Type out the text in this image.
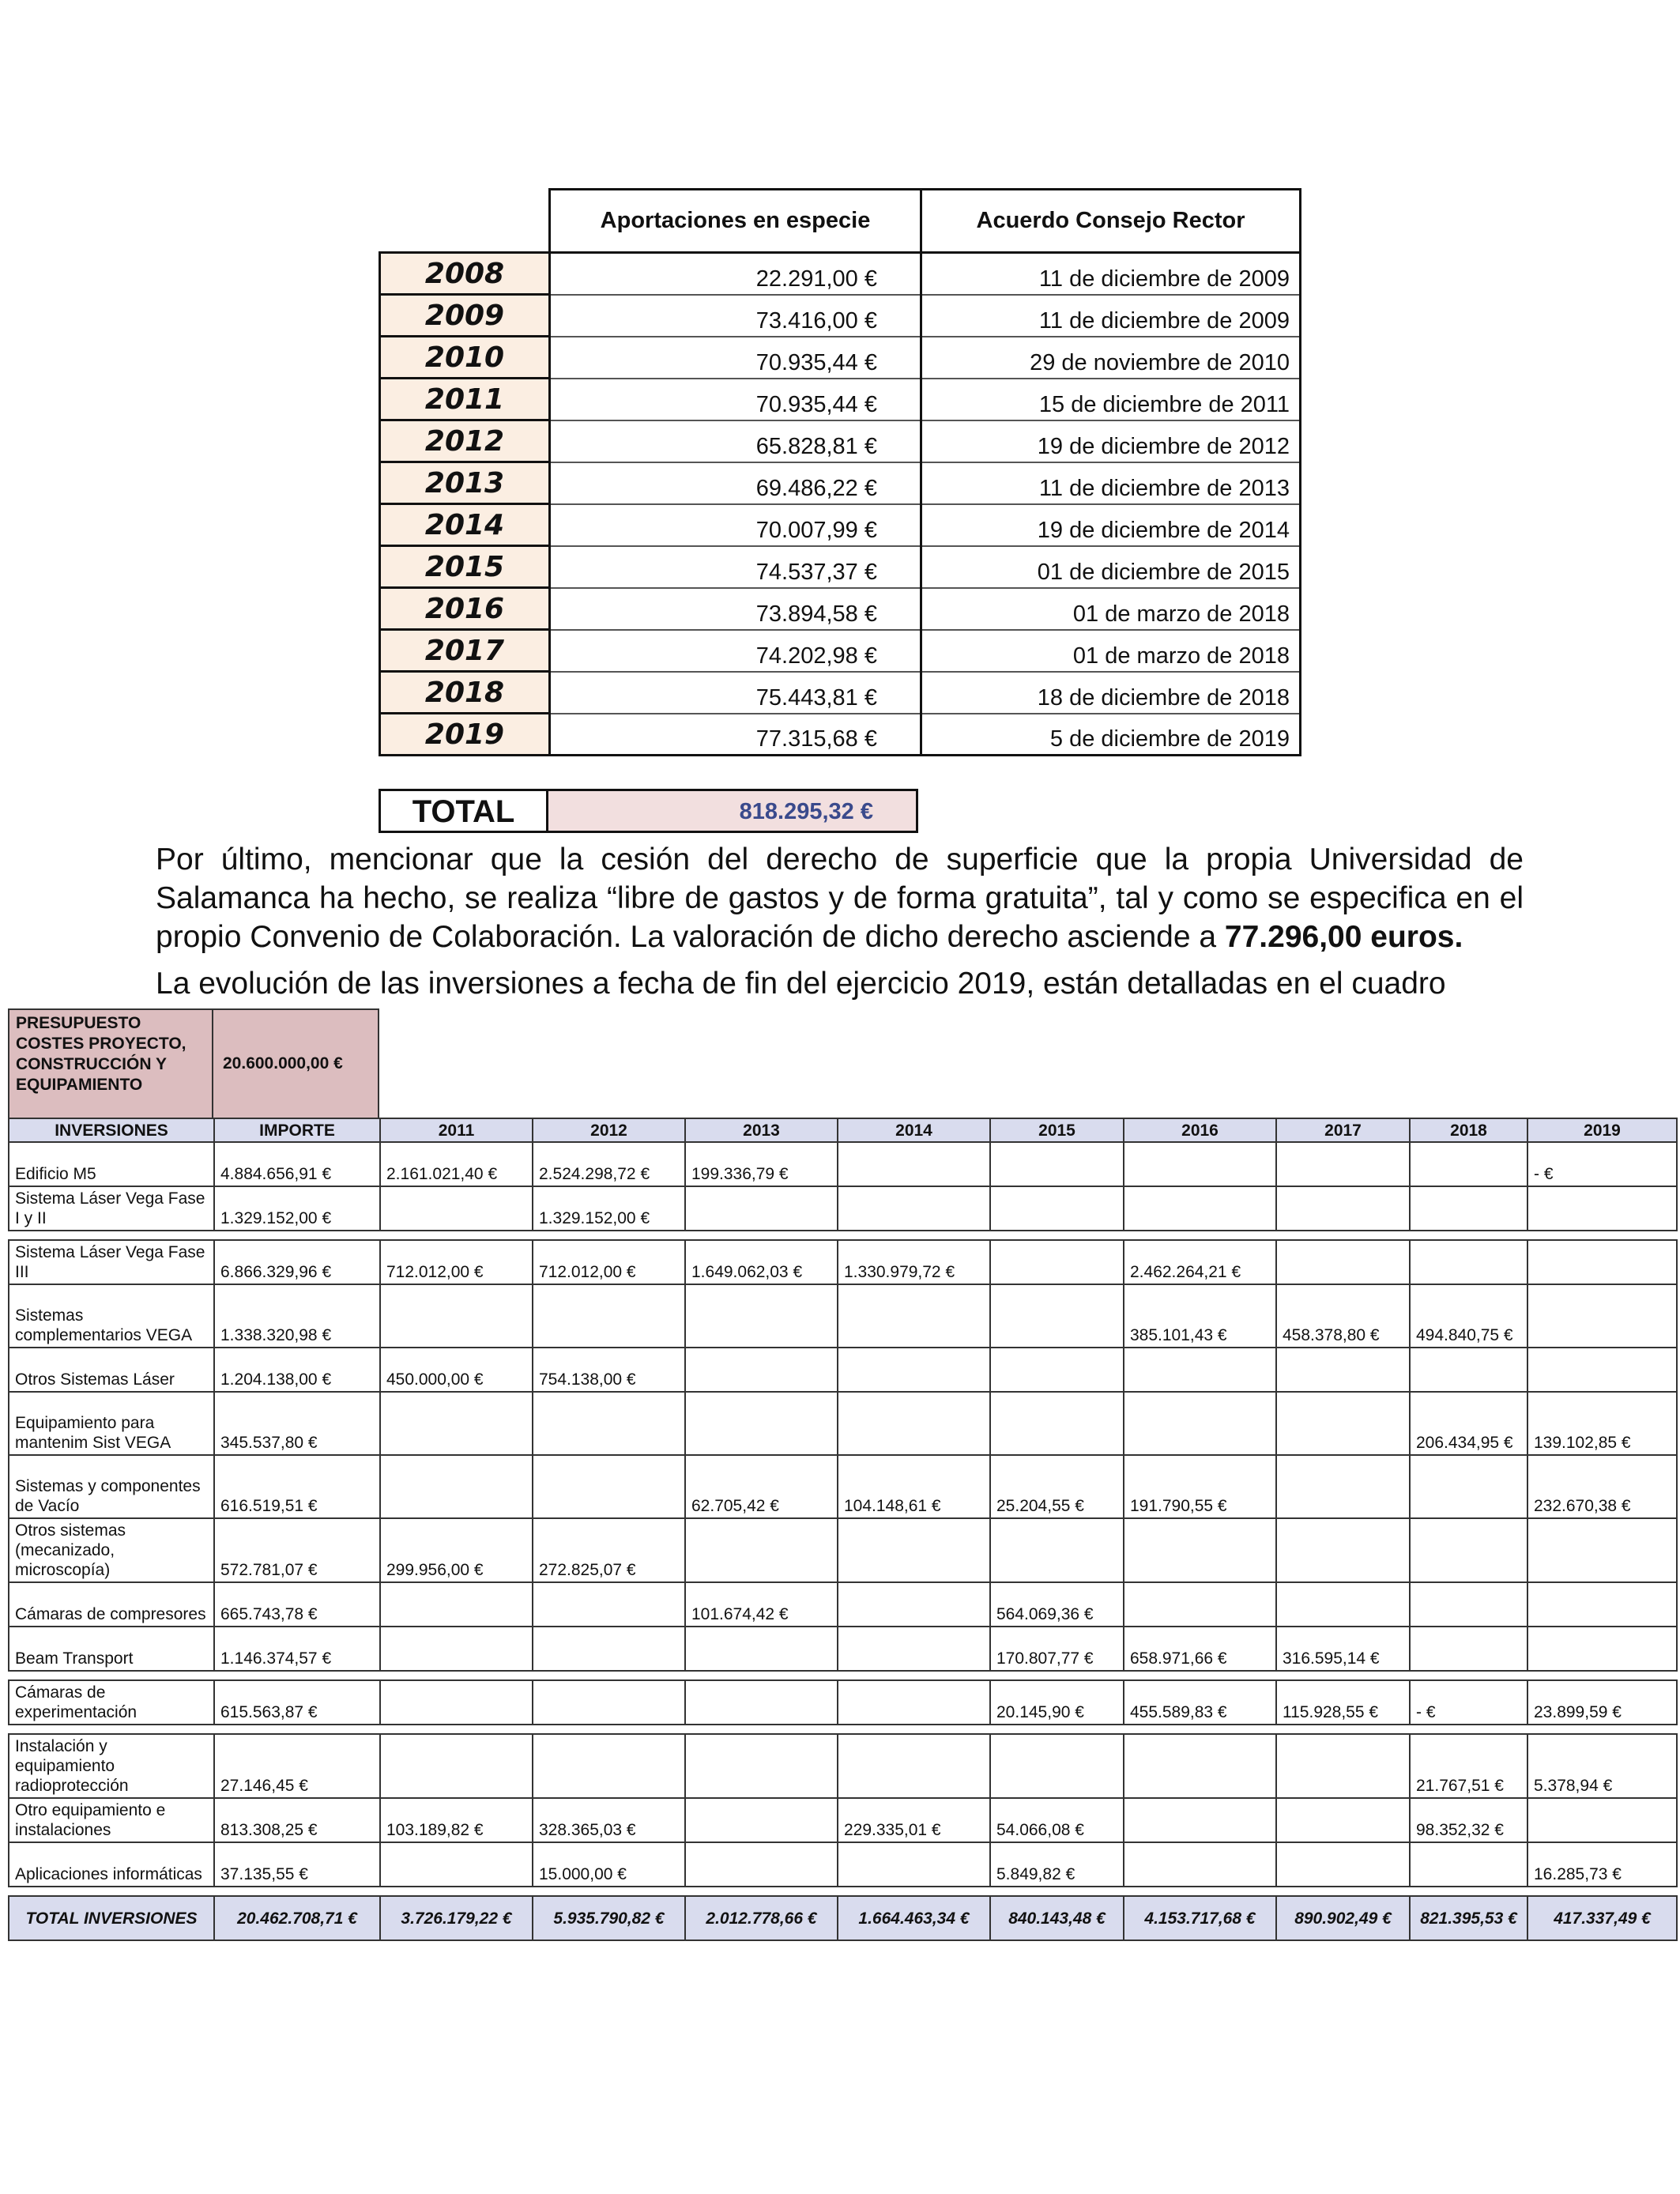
	Aportaciones en especie	Acuerdo Consejo Rector
2008	22.291,00 €	11 de diciembre de 2009
2009	73.416,00 €	11 de diciembre de 2009
2010	70.935,44 €	29 de noviembre de 2010
2011	70.935,44 €	15 de diciembre de 2011
2012	65.828,81 €	19 de diciembre de 2012
2013	69.486,22 €	11 de diciembre de 2013
2014	70.007,99 €	19 de diciembre de 2014
2015	74.537,37 €	01 de diciembre de 2015
2016	73.894,58 €	01 de marzo de 2018
2017	74.202,98 €	01 de marzo de 2018
2018	75.443,81 €	18 de diciembre de 2018
2019	77.315,68 €	5 de diciembre de 2019
TOTAL	818.295,32 €
Por último, mencionar que la cesión del derecho de superficie que la propia Universidad de Salamanca ha hecho, se realiza “libre de gastos y de forma gratuita”, tal y como se especifica en el propio Convenio de Colaboración. La valoración de dicho derecho asciende a 77.296,00 euros.
La evolución de las inversiones a fecha de fin del ejercicio 2019, están detalladas en el cuadro
PRESUPUESTO COSTES PROYECTO, CONSTRUCCIÓN Y EQUIPAMIENTO
20.600.000,00 €
INVERSIONES	IMPORTE	2011	2012	2013	2014	2015	2016	2017	2018	2019
Edificio M5	4.884.656,91 €	2.161.021,40 €	2.524.298,72 €	199.336,79 €						- €
Sistema Láser Vega Fase I y II	1.329.152,00 €		1.329.152,00 €							

Sistema Láser Vega Fase III	6.866.329,96 €	712.012,00 €	712.012,00 €	1.649.062,03 €	1.330.979,72 €		2.462.264,21 €			
Sistemas complementarios VEGA	1.338.320,98 €						385.101,43 €	458.378,80 €	494.840,75 €	
Otros Sistemas Láser	1.204.138,00 €	450.000,00 €	754.138,00 €							
Equipamiento para mantenim Sist VEGA	345.537,80 €								206.434,95 €	139.102,85 €
Sistemas y componentes de Vacío	616.519,51 €			62.705,42 €	104.148,61 €	25.204,55 €	191.790,55 €			232.670,38 €
Otros sistemas (mecanizado, microscopía)	572.781,07 €	299.956,00 €	272.825,07 €							
Cámaras de compresores	665.743,78 €			101.674,42 €		564.069,36 €				
Beam Transport	1.146.374,57 €					170.807,77 €	658.971,66 €	316.595,14 €		

Cámaras de experimentación	615.563,87 €					20.145,90 €	455.589,83 €	115.928,55 €	- €	23.899,59 €

Instalación y equipamiento radioprotección	27.146,45 €								21.767,51 €	5.378,94 €
Otro equipamiento e instalaciones	813.308,25 €	103.189,82 €	328.365,03 €		229.335,01 €	54.066,08 €			98.352,32 €	
Aplicaciones informáticas	37.135,55 €		15.000,00 €			5.849,82 €				16.285,73 €

TOTAL INVERSIONES	20.462.708,71 €	3.726.179,22 €	5.935.790,82 €	2.012.778,66 €	1.664.463,34 €	840.143,48 €	4.153.717,68 €	890.902,49 €	821.395,53 €	417.337,49 €
